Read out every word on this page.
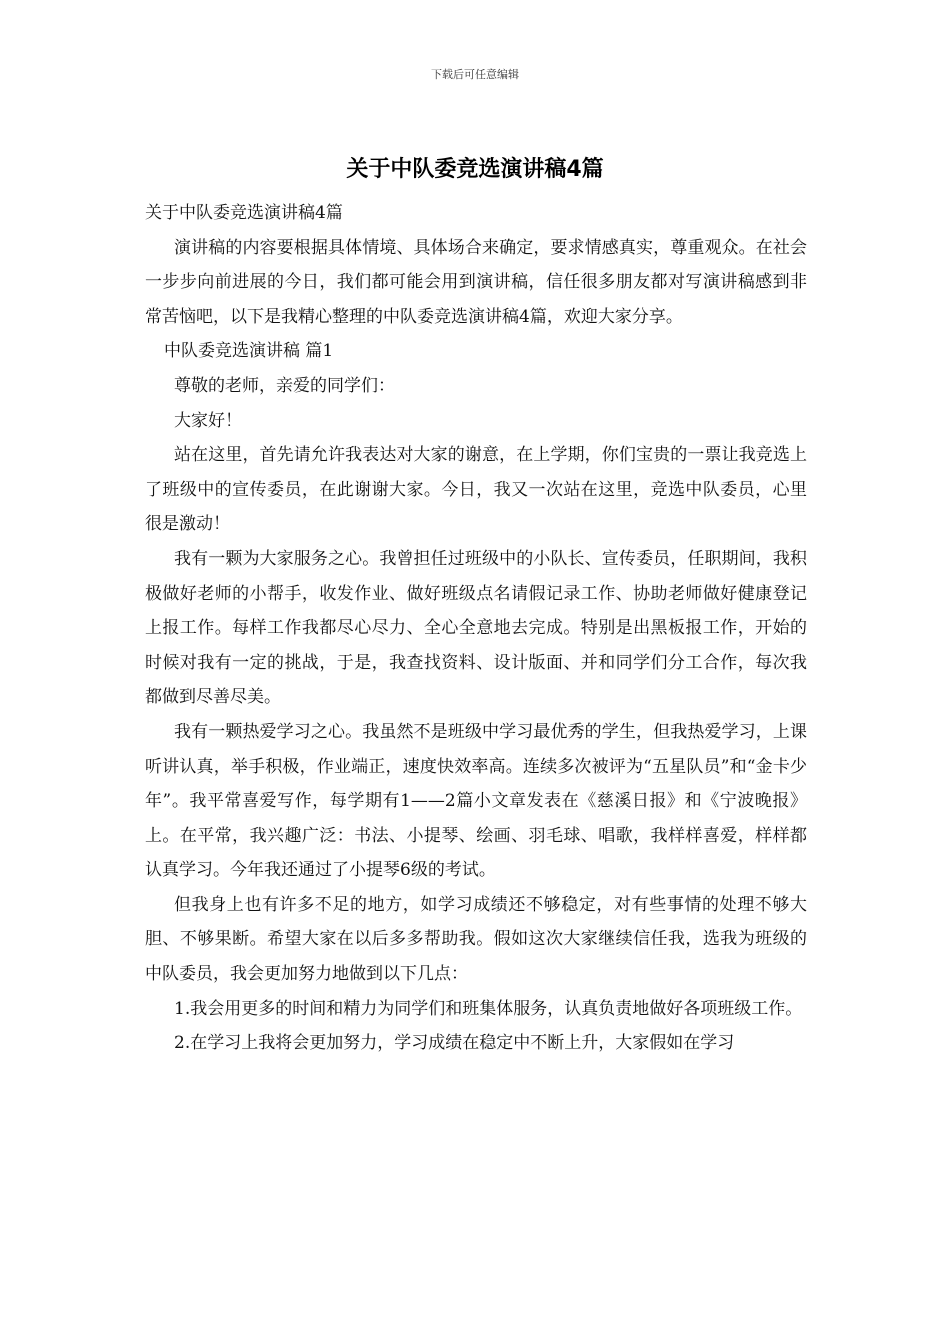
下载后可任意编辑
关于中队委竞选演讲稿4篇

关于中队委竞选演讲稿4篇

演讲稿的内容要根据具体情境、具体场合来确定，要求情感真实，尊重观众。在社会一步步向前进展的今日，我们都可能会用到演讲稿，信任很多朋友都对写演讲稿感到非常苦恼吧，以下是我精心整理的中队委竞选演讲稿4篇，欢迎大家分享。

中队委竞选演讲稿 篇1

尊敬的老师，亲爱的同学们：

大家好！

站在这里，首先请允许我表达对大家的谢意，在上学期，你们宝贵的一票让我竞选上了班级中的宣传委员，在此谢谢大家。今日，我又一次站在这里，竞选中队委员，心里很是激动！

我有一颗为大家服务之心。我曾担任过班级中的小队长、宣传委员，任职期间，我积极做好老师的小帮手，收发作业、做好班级点名请假记录工作、协助老师做好健康登记上报工作。每样工作我都尽心尽力、全心全意地去完成。特别是出黑板报工作，开始的时候对我有一定的挑战，于是，我查找资料、设计版面、并和同学们分工合作，每次我都做到尽善尽美。

我有一颗热爱学习之心。我虽然不是班级中学习最优秀的学生，但我热爱学习，上课听讲认真，举手积极，作业端正，速度快效率高。连续多次被评为“五星队员”和“金卡少年”。我平常喜爱写作，每学期有1——2篇小文章发表在《慈溪日报》和《宁波晚报》上。在平常，我兴趣广泛：书法、小提琴、绘画、羽毛球、唱歌，我样样喜爱，样样都认真学习。今年我还通过了小提琴6级的考试。

但我身上也有许多不足的地方，如学习成绩还不够稳定，对有些事情的处理不够大胆、不够果断。希望大家在以后多多帮助我。假如这次大家继续信任我，选我为班级的中队委员，我会更加努力地做到以下几点：

1.我会用更多的时间和精力为同学们和班集体服务，认真负责地做好各项班级工作。

2.在学习上我将会更加努力，学习成绩在稳定中不断上升，大家假如在学习
